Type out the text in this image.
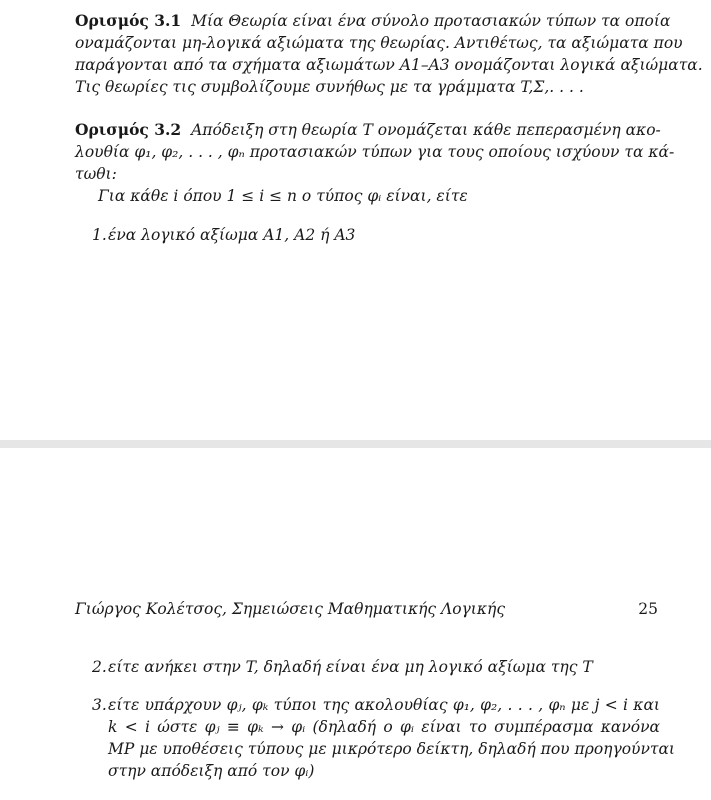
Ορισμός 3.1 Μία Θεωρία είναι ένα σύνολο προτασιακών τύπων τα οποία
οναμάζονται μη-λογικά αξιώματα της θεωρίας. Αντιθέτως, τα αξιώματα που
παράγονται από τα σχήματα αξιωμάτων A1–A3 ονομάζονται λογικά αξιώματα.
Τις θεωρίες τις συμβολίζουμε συνήθως με τα γράμματα T,Σ,. . . .
Ορισμός 3.2 Απόδειξη στη θεωρία T ονομάζεται κάθε πεπερασμένη ακο-
λουθία φ₁, φ₂, . . . , φₙ προτασιακών τύπων για τους οποίους ισχύουν τα κά-
τωθι:
Για κάθε i όπου 1 ≤ i ≤ n ο τύπος φᵢ είναι, είτε
1. ένα λογικό αξίωμα A1, A2 ή A3
Γιώργος Κολέτσος, Σημειώσεις Μαθηματικής Λογικής	25
2. είτε ανήκει στην T, δηλαδή είναι ένα μη λογικό αξίωμα της T
3. είτε υπάρχουν φⱼ, φₖ τύποι της ακολουθίας φ₁, φ₂, . . . , φₙ με j < i και
k < i ώστε φⱼ ≡ φₖ → φᵢ (δηλαδή ο φᵢ είναι το συμπέρασμα κανόνα
MP με υποθέσεις τύπους με μικρότερο δείκτη, δηλαδή που προηγούνται
στην απόδειξη από τον φᵢ)
